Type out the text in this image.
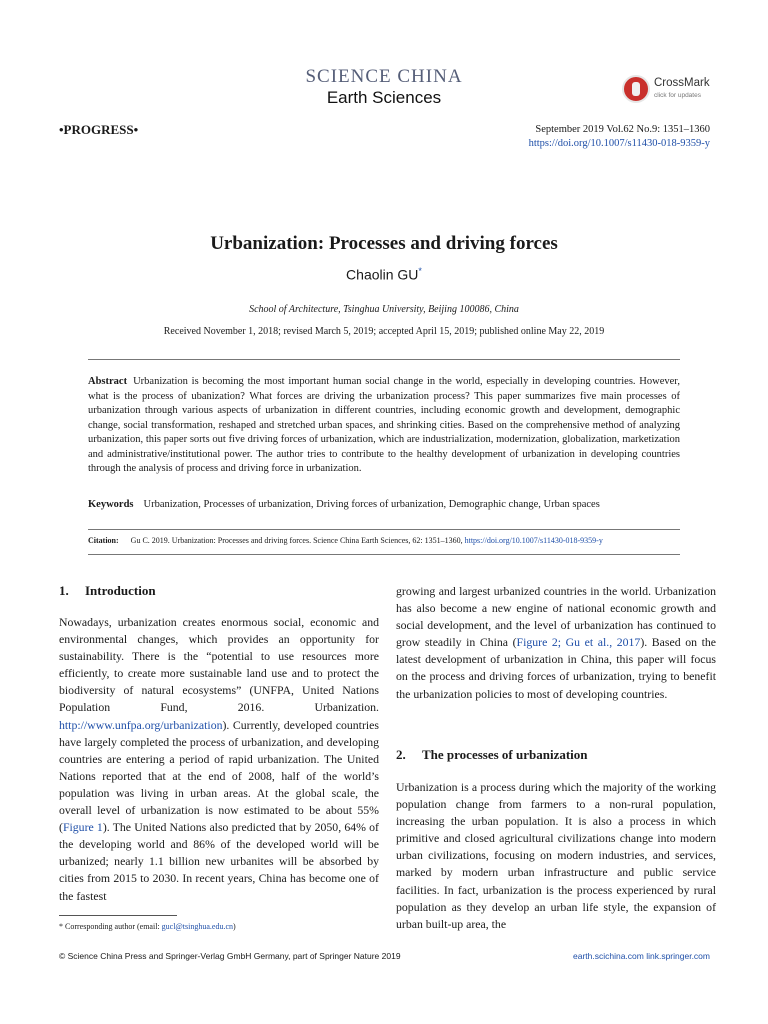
SCIENCE CHINA
Earth Sciences
CrossMark
click for updates
•PROGRESS•	September 2019 Vol.62 No.9: 1351–1360
https://doi.org/10.1007/s11430-018-9359-y
Urbanization: Processes and driving forces
Chaolin GU*
School of Architecture, Tsinghua University, Beijing 100086, China
Received November 1, 2018; revised March 5, 2019; accepted April 15, 2019; published online May 22, 2019
Abstract Urbanization is becoming the most important human social change in the world, especially in developing countries. However, what is the process of ubanization? What forces are driving the urbanization process? This paper summarizes five main processes of urbanization through various aspects of urbanization in different countries, including economic growth and development, demographic change, social transformation, reshaped and stretched urban spaces, and shrinking cities. Based on the comprehensive method of analyzing urbanization, this paper sorts out five driving forces of urbanization, which are industrialization, modernization, globalization, marketization and administrative/institutional power. The author tries to contribute to the healthy development of urbanization in developing countries through the analysis of process and driving force in urbanization.
Keywords Urbanization, Processes of urbanization, Driving forces of urbanization, Demographic change, Urban spaces
Citation: Gu C. 2019. Urbanization: Processes and driving forces. Science China Earth Sciences, 62: 1351–1360, https://doi.org/10.1007/s11430-018-9359-y
1. Introduction
Nowadays, urbanization creates enormous social, economic and environmental changes, which provides an opportunity for sustainability. There is the “potential to use resources more efficiently, to create more sustainable land use and to protect the biodiversity of natural ecosystems” (UNFPA, United Nations Population Fund, 2016. Urbanization. http://www.unfpa.org/urbanization). Currently, developed countries have largely completed the process of urbanization, and developing countries are entering a period of rapid urbanization. The United Nations reported that at the end of 2008, half of the world’s population was living in urban areas. At the global scale, the overall level of urbanization is now estimated to be about 55% (Figure 1). The United Nations also predicted that by 2050, 64% of the developing world and 86% of the developed world will be urbanized; nearly 1.1 billion new urbanites will be absorbed by cities from 2015 to 2030. In recent years, China has become one of the fastest
growing and largest urbanized countries in the world. Urbanization has also become a new engine of national economic growth and social development, and the level of urbanization has continued to grow steadily in China (Figure 2; Gu et al., 2017). Based on the latest development of urbanization in China, this paper will focus on the process and driving forces of urbanization, trying to benefit the urbanization policies to most of developing countries.
2. The processes of urbanization
Urbanization is a process during which the majority of the working population change from farmers to a non-rural population, increasing the urban population. It is also a process in which primitive and closed agricultural civilizations change into modern urban civilizations, focusing on modern industries, and services, marked by modern urban infrastructure and public service facilities. In fact, urbanization is the process experienced by rural population as they develop an urban life style, the expansion of urban built-up area, the
* Corresponding author (email: gucl@tsinghua.edu.cn)
© Science China Press and Springer-Verlag GmbH Germany, part of Springer Nature 2019	earth.scichina.com link.springer.com
